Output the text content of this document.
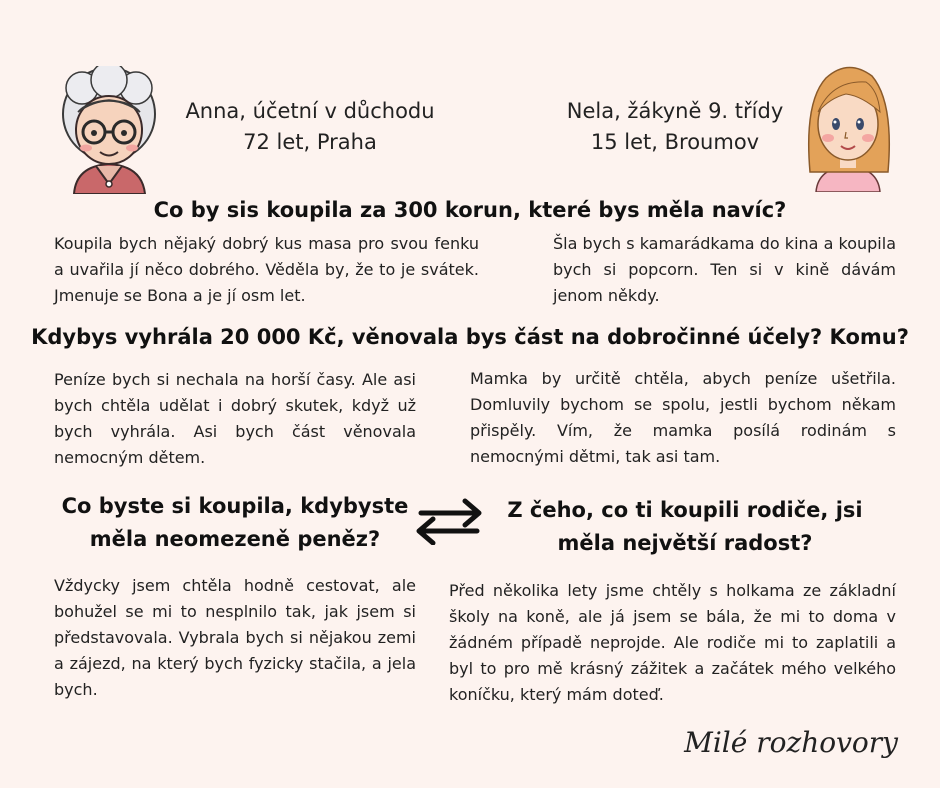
Anna, účetní v důchodu
72 let, Praha
Nela, žákyně 9. třídy
15 let, Broumov
Co by sis koupila za 300 korun, které bys měla navíc?
Koupila bych nějaký dobrý kus masa pro svou fenku a uvařila jí něco dobrého. Věděla by, že to je svátek. Jmenuje se Bona a je jí osm let.
Šla bych s kamarádkama do kina a koupila bych si popcorn. Ten si v kině dávám jenom někdy.
Kdybys vyhrála 20 000 Kč, věnovala bys část na dobročinné účely? Komu?
Peníze bych si nechala na horší časy. Ale asi bych chtěla udělat i dobrý skutek, když už bych vyhrála. Asi bych část věnovala nemocným dětem.
Mamka by určitě chtěla, abych peníze ušetřila. Domluvily bychom se spolu, jestli bychom někam přispěly. Vím, že mamka posílá rodinám s nemocnými dětmi, tak asi tam.
Co byste si koupila, kdybyste
měla neomezeně peněz?
Z čeho, co ti koupili rodiče, jsi
měla největší radost?
Vždycky jsem chtěla hodně cestovat, ale bohužel se mi to nesplnilo tak, jak jsem si představovala. Vybrala bych si nějakou zemi a zájezd, na který bych fyzicky stačila, a jela bych.
Před několika lety jsme chtěly s holkama ze základní školy na koně, ale já jsem se bála, že mi to doma v žádném případě neprojde. Ale rodiče mi to zaplatili a byl to pro mě krásný zážitek a začátek mého velkého koníčku, který mám doteď.
Milé rozhovory
